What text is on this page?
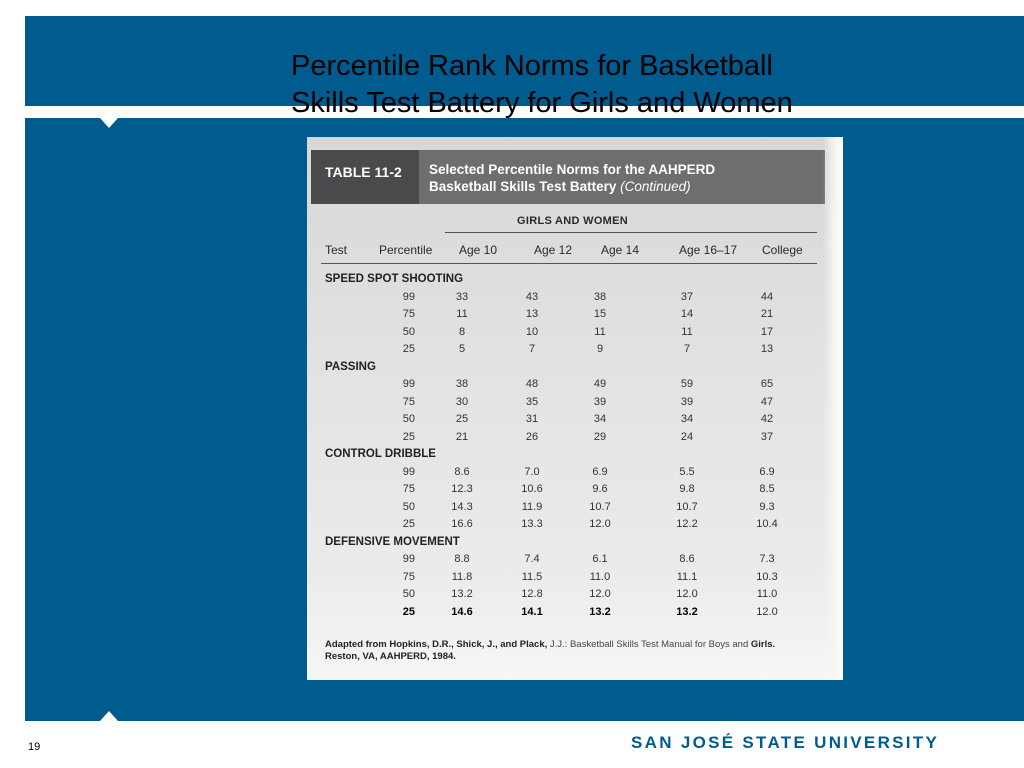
Percentile Rank Norms for Basketball
Skills Test Battery for Girls and Women
TABLE 11-2	Selected Percentile Norms for the AAHPERD
Basketball Skills Test Battery (Continued)
GIRLS AND WOMEN
Test	Percentile Age 10	Age 12 Age 14	Age 16–17 College
SPEED SPOT SHOOTING
99	33	43	38	37	44
75	11	13	15	14	21
50	8	10	11	11	17
25	5	7	9	7	13
PASSING
99	38	48	49	59	65
75	30	35	39	39	47
50	25	31	34	34	42
25	21	26	29	24	37
CONTROL DRIBBLE
99	8.6	7.0	6.9	5.5	6.9
75	12.3	10.6	9.6	9.8	8.5
50	14.3	11.9	10.7	10.7	9.3
25	16.6	13.3	12.0	12.2	10.4
DEFENSIVE MOVEMENT
99	8.8	7.4	6.1	8.6	7.3
75	11.8	11.5	11.0	11.1	10.3
50	13.2	12.8	12.0	12.0	11.0
25	14.6	14.1	13.2	13.2	12.0
Adapted from Hopkins, D.R., Shick, J., and Plack, J.J.: Basketball Skills Test Manual for Boys and Girls. Reston, VA, AAHPERD, 1984.
19	SAN JOSÉ STATE UNIVERSITY
